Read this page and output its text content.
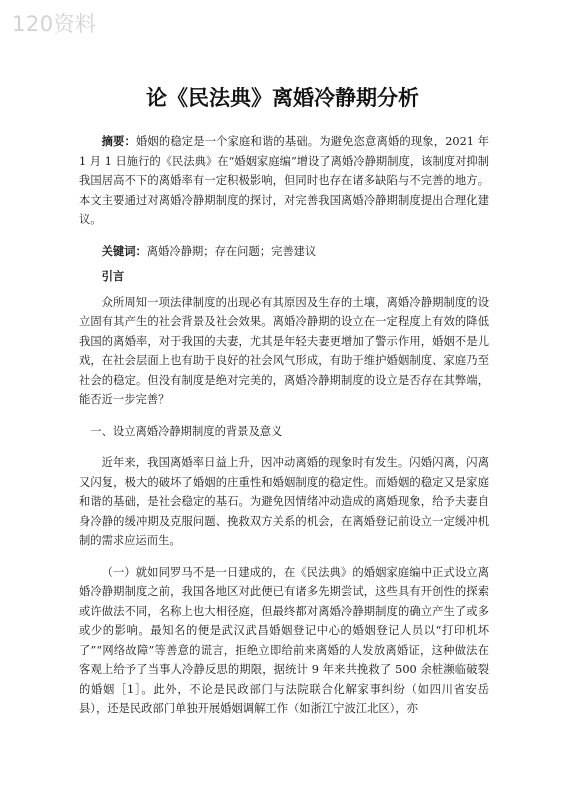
120资料
论《民法典》离婚冷静期分析

摘要：婚姻的稳定是一个家庭和谐的基础。为避免恣意离婚的现象，2021 年 1 月 1 日施行的《民法典》在“婚姻家庭编”增设了离婚冷静期制度，该制度对抑制我国居高不下的离婚率有一定积极影响，但同时也存在诸多缺陷与不完善的地方。本文主要通过对离婚冷静期制度的探讨，对完善我国离婚冷静期制度提出合理化建议。

关键词：离婚冷静期；存在问题；完善建议

引言

众所周知一项法律制度的出现必有其原因及生存的土壤，离婚冷静期制度的设立固有其产生的社会背景及社会效果。离婚冷静期的设立在一定程度上有效的降低我国的离婚率，对于我国的夫妻，尤其是年轻夫妻更增加了警示作用，婚姻不是儿戏，在社会层面上也有助于良好的社会风气形成，有助于维护婚姻制度、家庭乃至社会的稳定。但没有制度是绝对完美的，离婚冷静期制度的设立是否存在其弊端，能否近一步完善？

一、设立离婚冷静期制度的背景及意义

近年来，我国离婚率日益上升，因冲动离婚的现象时有发生。闪婚闪离，闪离又闪复，极大的破坏了婚姻的庄重性和婚姻制度的稳定性。而婚姻的稳定又是家庭和谐的基础，是社会稳定的基石。为避免因情绪冲动造成的离婚现象，给予夫妻自身冷静的缓冲期及克服问题、挽救双方关系的机会，在离婚登记前设立一定缓冲机制的需求应运而生。

（一）就如同罗马不是一日建成的，在《民法典》的婚姻家庭编中正式设立离婚冷静期制度之前，我国各地区对此便已有诸多先期尝试，这些具有开创性的探索或许做法不同，名称上也大相径庭，但最终都对离婚冷静期制度的确立产生了或多或少的影响。最知名的便是武汉武昌婚姻登记中心的婚姻登记人员以“打印机坏了”“网络故障”等善意的谎言，拒绝立即给前来离婚的人发放离婚证，这种做法在客观上给予了当事人冷静反思的期限，据统计 9 年来共挽救了 500 余桩濒临破裂的婚姻［1］。此外，不论是民政部门与法院联合化解家事纠纷（如四川省安岳县），还是民政部门单独开展婚姻调解工作（如浙江宁波江北区），亦
